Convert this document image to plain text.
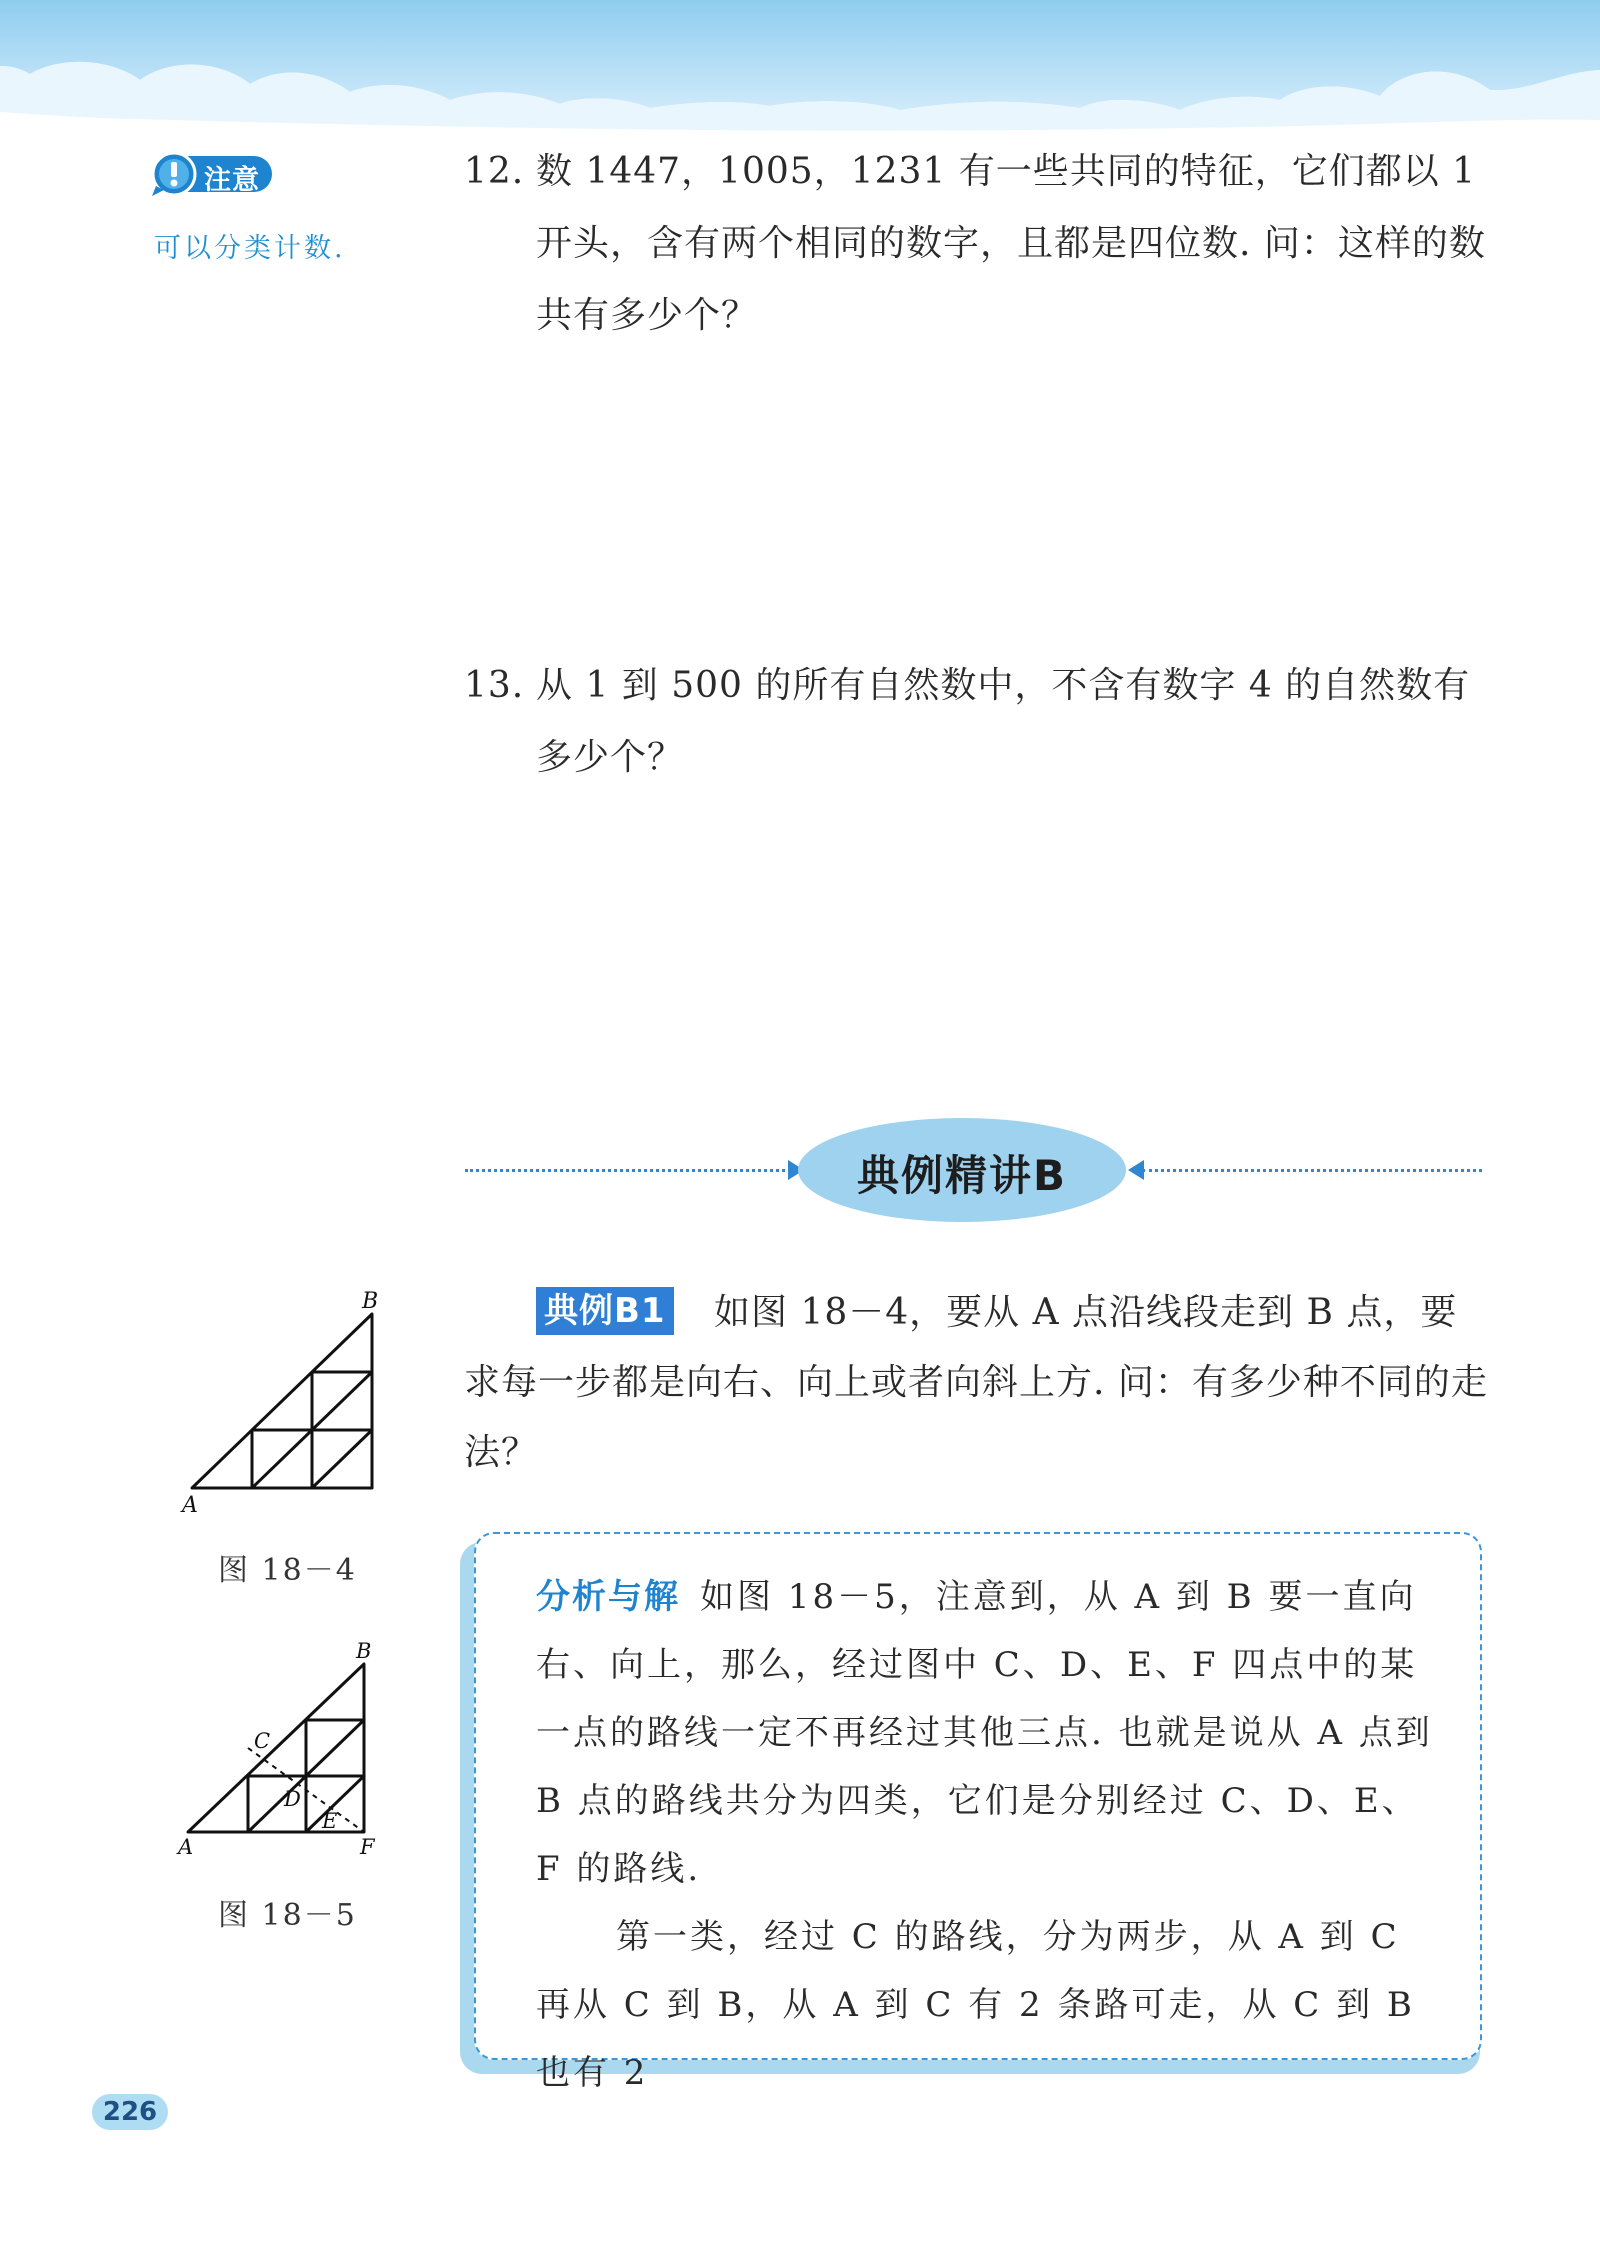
注意
可以分类计数.
12. 数 1447，1005，1231 有一些共同的特征，它们都以 1 开头，含有两个相同的数字，且都是四位数. 问：这样的数共有多少个？
13. 从 1 到 500 的所有自然数中，不含有数字 4 的自然数有多少个？
典例精讲B
如图 18－4，要从 A 点沿线段走到 B 点，要求每一步都是向右、向上或者向斜上方. 问：有多少种不同的走法？
典例B1
A
B
图 18－4
A
B
C
D
E
F
图 18－5

分析与解 如图 18－5，注意到，从 A 到 B 要一直向右、向上，那么，经过图中 C、D、E、F 四点中的某一点的路线一定不再经过其他三点. 也就是说从 A 点到 B 点的路线共分为四类，它们是分别经过 C、D、E、F 的路线.

第一类，经过 C 的路线，分为两步，从 A 到 C 再从 C 到 B，从 A 到 C 有 2 条路可走，从 C 到 B 也有 2

226
